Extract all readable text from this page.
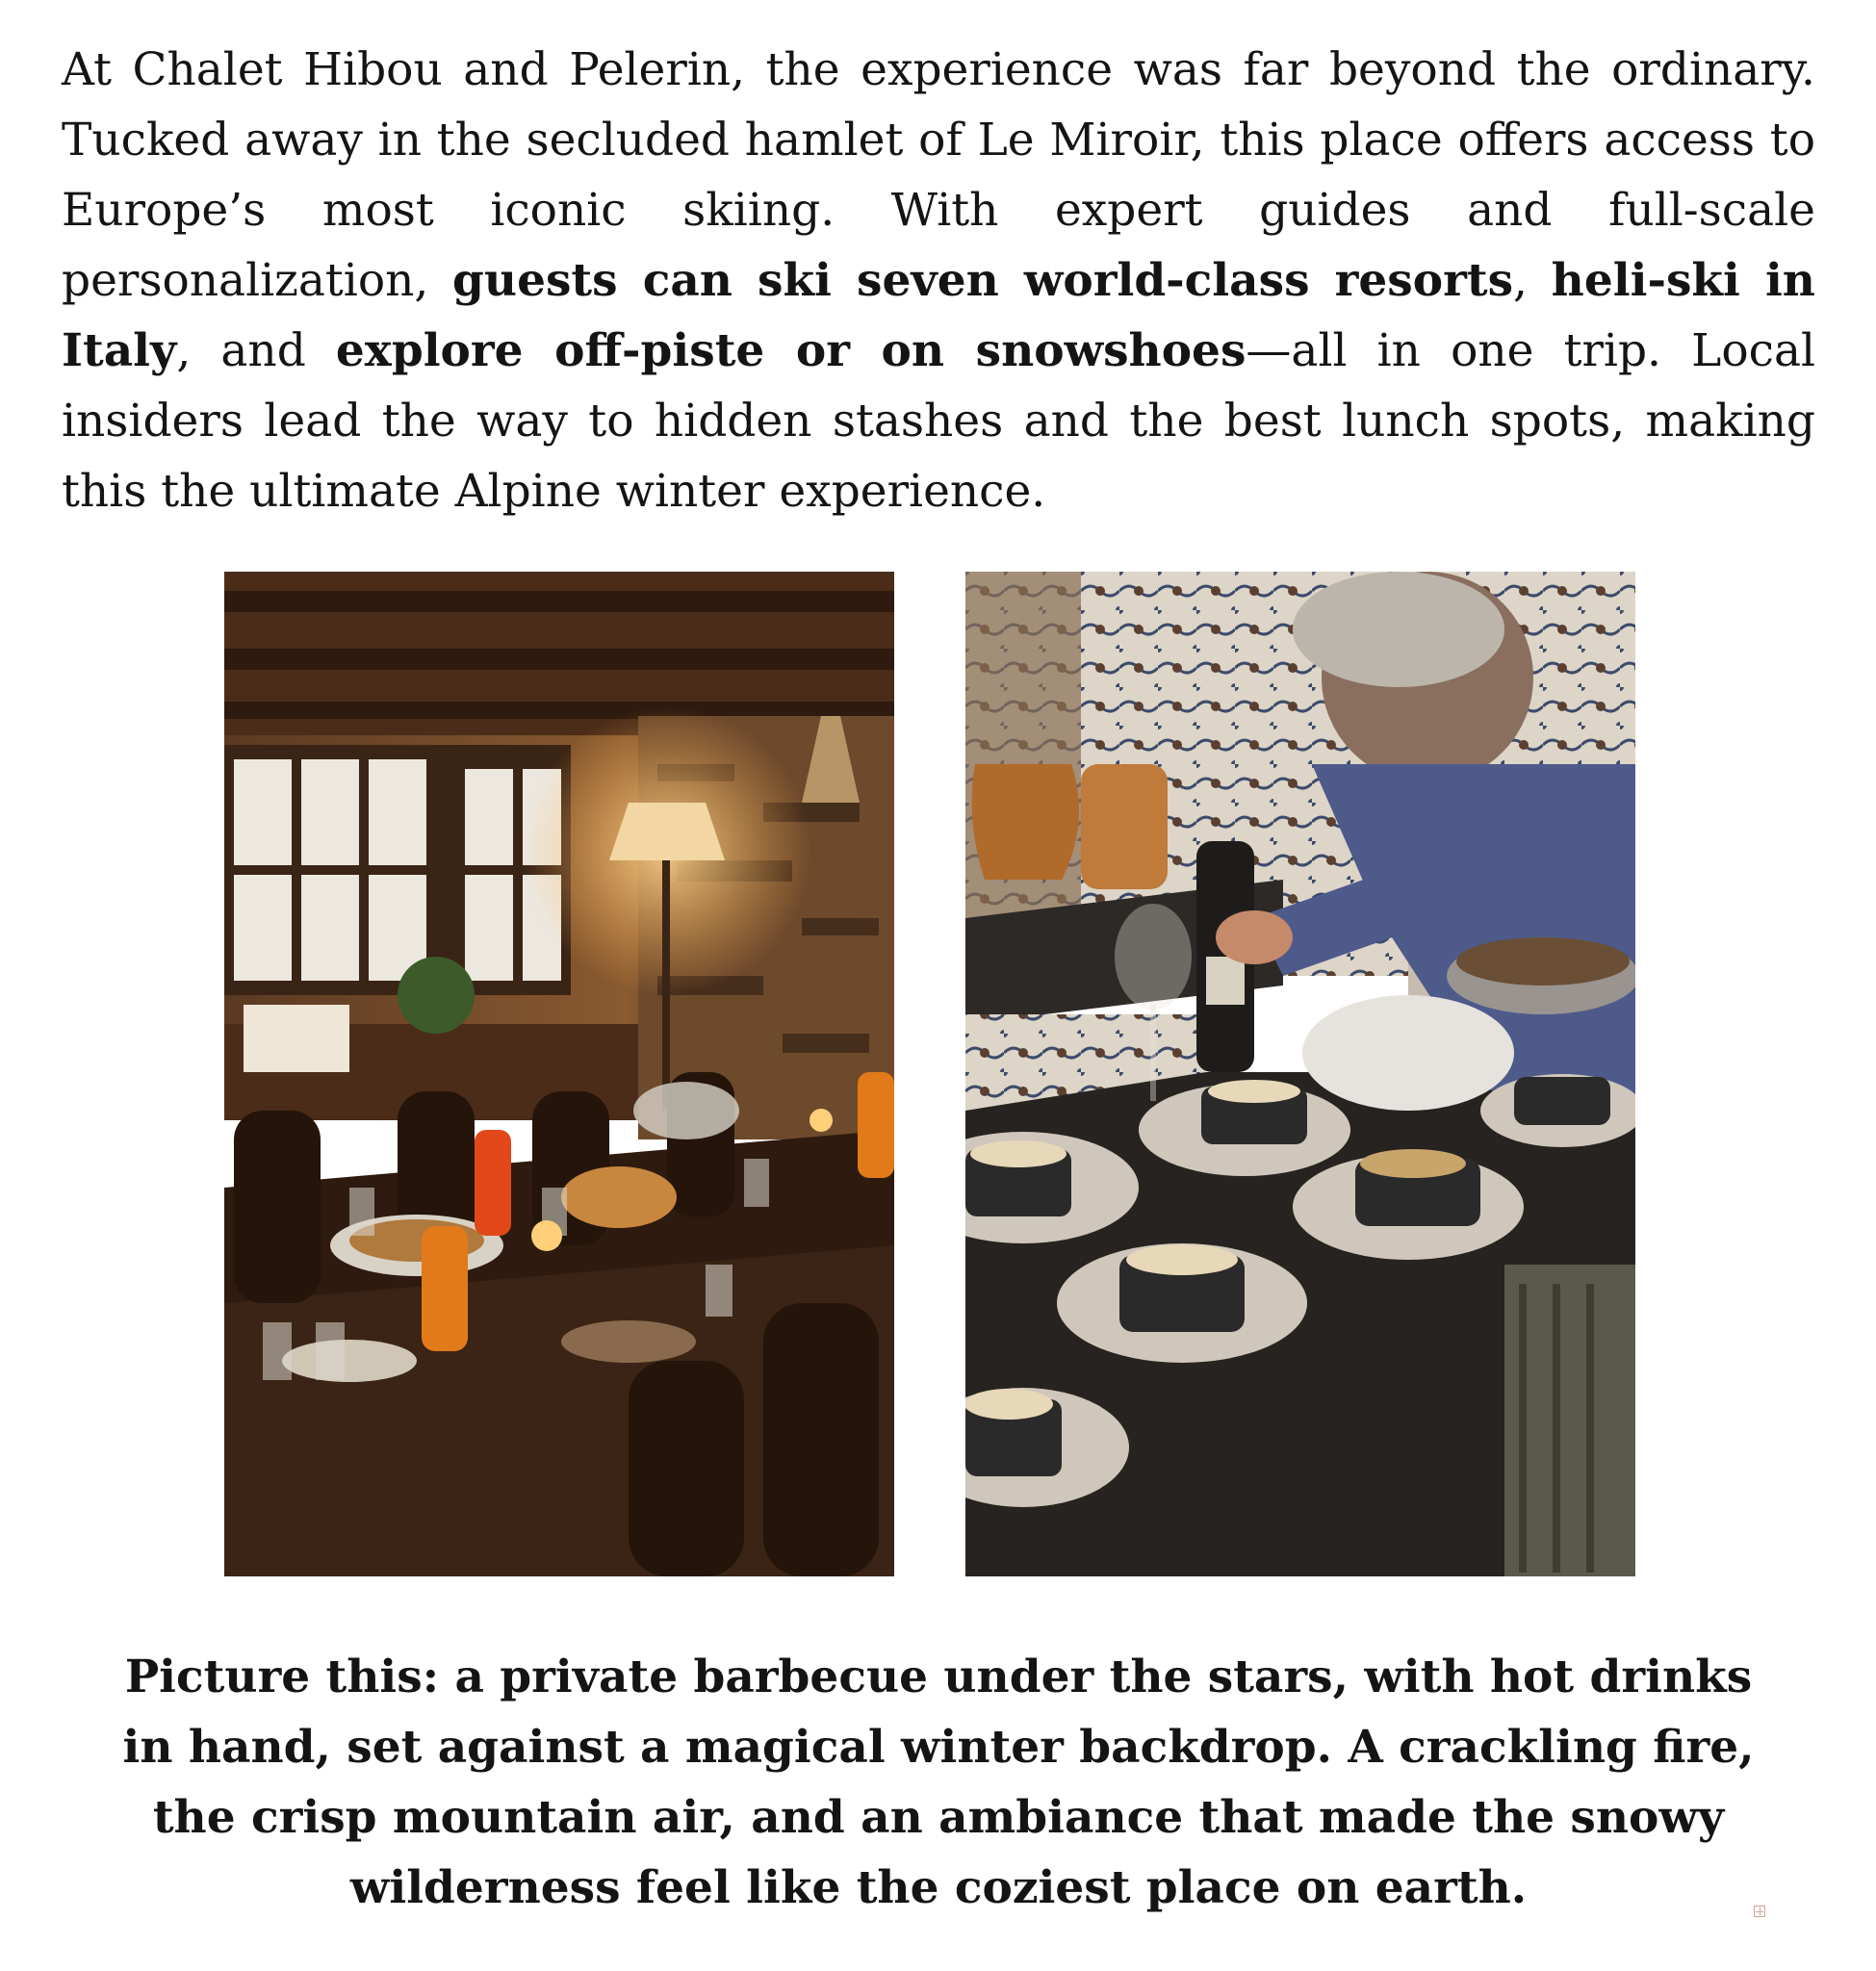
At Chalet Hibou and Pelerin, the experience was far beyond the ordinary. Tucked away in the secluded hamlet of Le Miroir, this place offers access to Europe’s most iconic skiing. With expert guides and full-scale personalization, guests can ski seven world-class resorts, heli-ski in Italy, and explore off-piste or on snowshoes—all in one trip. Local insiders lead the way to hidden stashes and the best lunch spots, making this the ultimate Alpine winter experience.

Picture this: a private barbecue under the stars, with hot drinks in hand, set against a magical winter backdrop. A crackling fire, the crisp mountain air, and an ambiance that made the snowy wilderness feel like the coziest place on earth.
